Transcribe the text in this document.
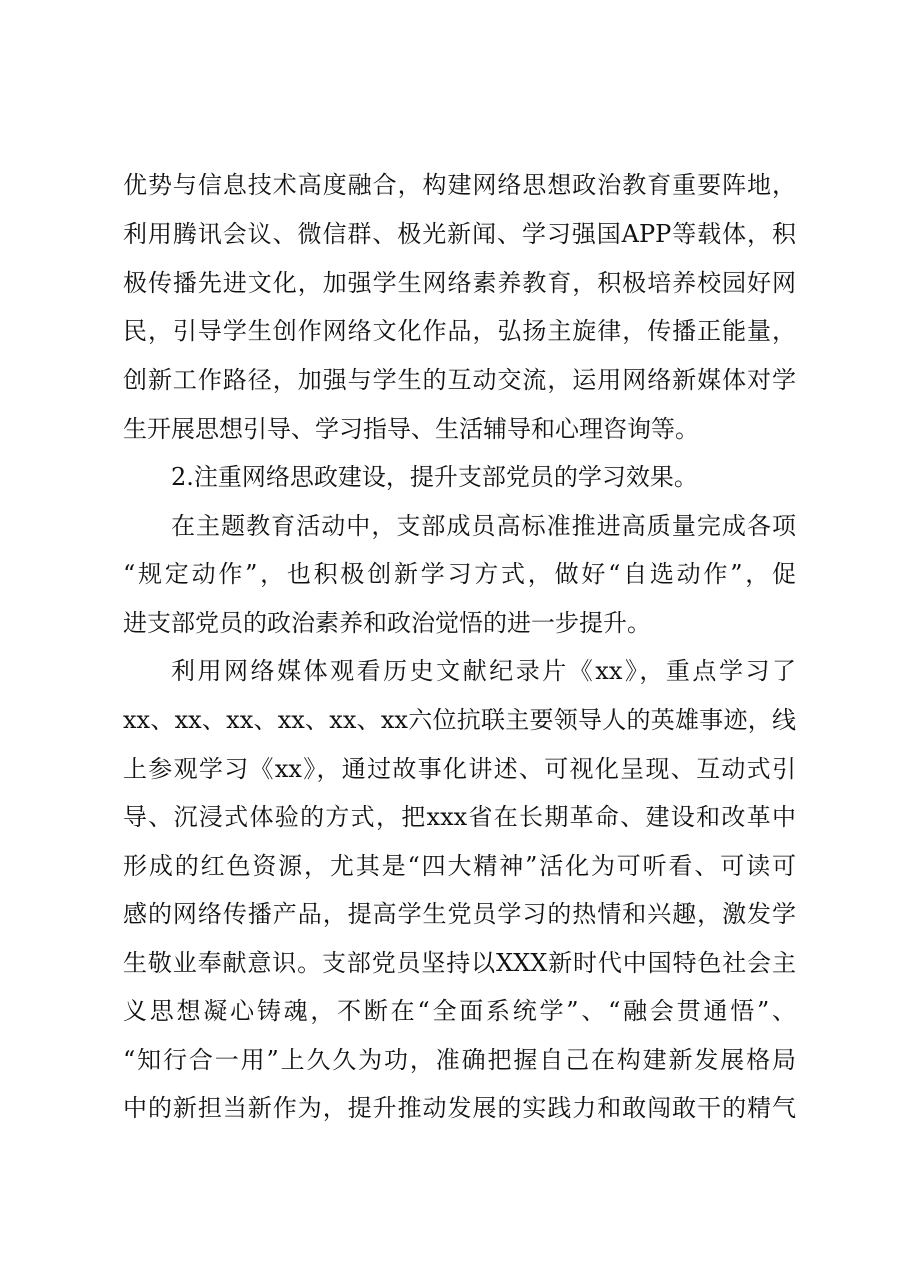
优势与信息技术高度融合，构建网络思想政治教育重要阵地，
利用腾讯会议、微信群、极光新闻、学习强国APP等载体，积
极传播先进文化，加强学生网络素养教育，积极培养校园好网
民，引导学生创作网络文化作品，弘扬主旋律，传播正能量，
创新工作路径，加强与学生的互动交流，运用网络新媒体对学
生开展思想引导、学习指导、生活辅导和心理咨询等。
2.注重网络思政建设，提升支部党员的学习效果。
在主题教育活动中，支部成员高标准推进高质量完成各项
“规定动作”，也积极创新学习方式，做好“自选动作”，促
进支部党员的政治素养和政治觉悟的进一步提升。
利用网络媒体观看历史文献纪录片《xx》，重点学习了
xx、xx、xx、xx、xx、xx六位抗联主要领导人的英雄事迹，线
上参观学习《xx》，通过故事化讲述、可视化呈现、互动式引
导、沉浸式体验的方式，把xxx省在长期革命、建设和改革中
形成的红色资源，尤其是“四大精神”活化为可听看、可读可
感的网络传播产品，提高学生党员学习的热情和兴趣，激发学
生敬业奉献意识。支部党员坚持以XXX新时代中国特色社会主
义思想凝心铸魂，不断在“全面系统学”、“融会贯通悟”、
“知行合一用”上久久为功，准确把握自己在构建新发展格局
中的新担当新作为，提升推动发展的实践力和敢闯敢干的精气
